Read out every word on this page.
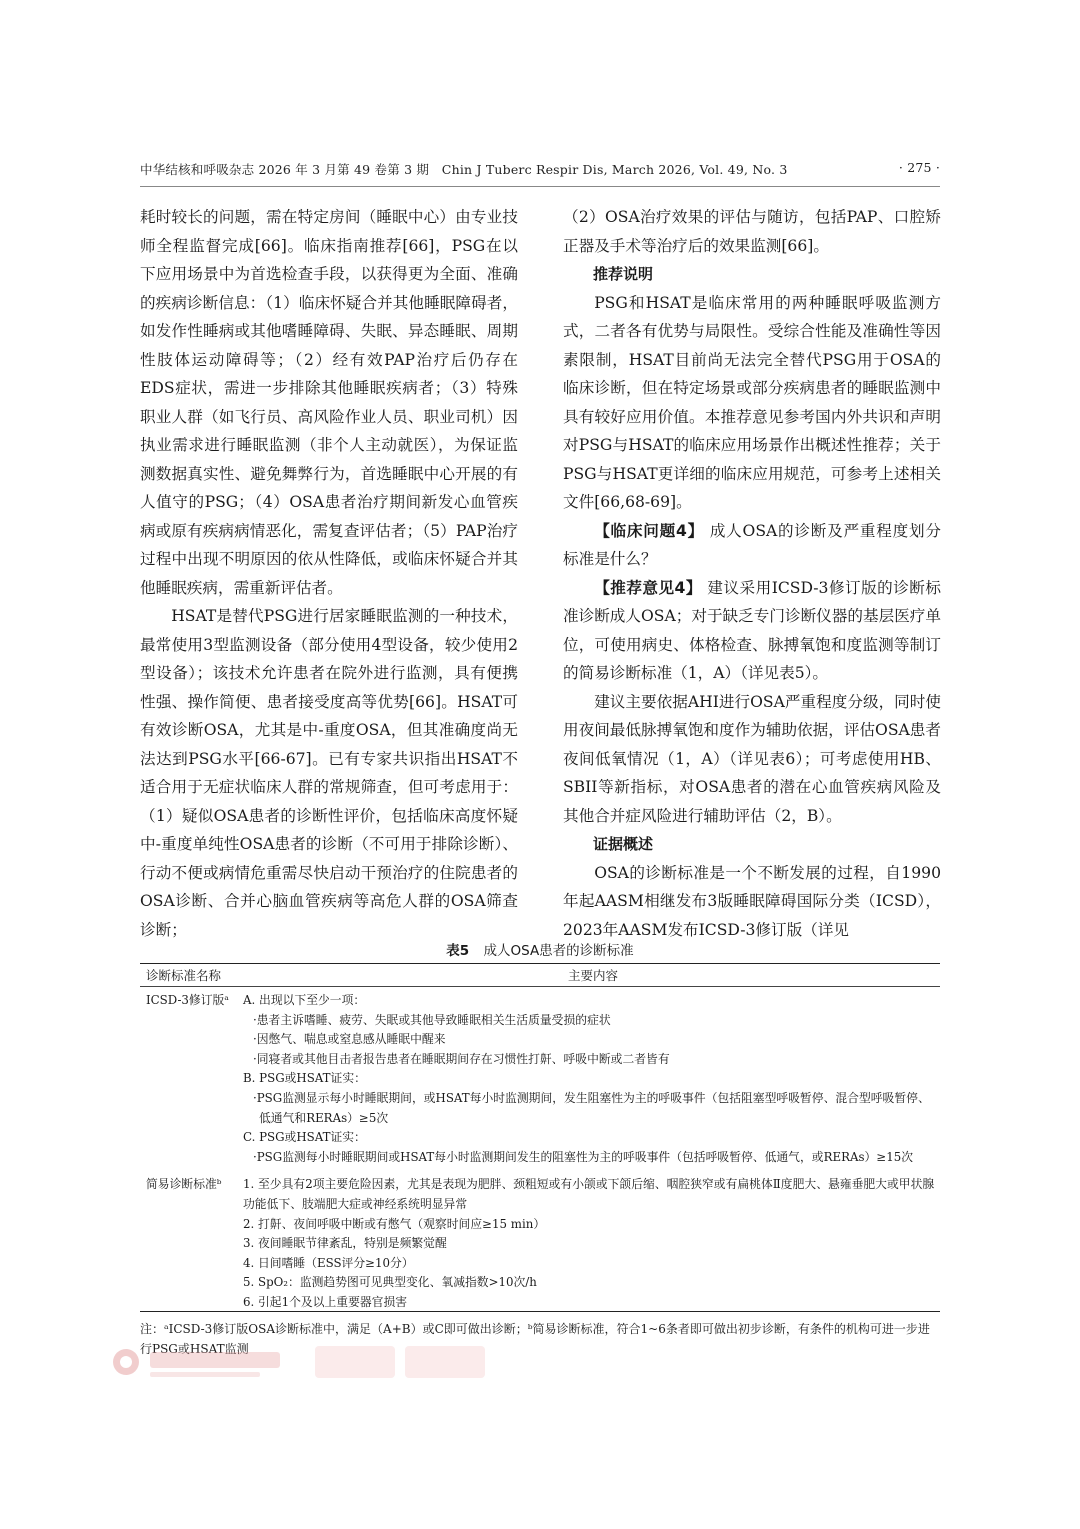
中华结核和呼吸杂志 2026 年 3 月第 49 卷第 3 期　Chin J Tuberc Respir Dis, March 2026, Vol. 49, No. 3	· 275 ·

耗时较长的问题，需在特定房间（睡眠中心）由专业技师全程监督完成[66]。临床指南推荐[66]，PSG在以下应用场景中为首选检查手段，以获得更为全面、准确的疾病诊断信息：（1）临床怀疑合并其他睡眠障碍者，如发作性睡病或其他嗜睡障碍、失眠、异态睡眠、周期性肢体运动障碍等；（2）经有效PAP治疗后仍存在EDS症状，需进一步排除其他睡眠疾病者；（3）特殊职业人群（如飞行员、高风险作业人员、职业司机）因执业需求进行睡眠监测（非个人主动就医），为保证监测数据真实性、避免舞弊行为，首选睡眠中心开展的有人值守的PSG；（4）OSA患者治疗期间新发心血管疾病或原有疾病病情恶化，需复查评估者；（5）PAP治疗过程中出现不明原因的依从性降低，或临床怀疑合并其他睡眠疾病，需重新评估者。

HSAT是替代PSG进行居家睡眠监测的一种技术，最常使用3型监测设备（部分使用4型设备，较少使用2型设备）；该技术允许患者在院外进行监测，具有便携性强、操作简便、患者接受度高等优势[66]。HSAT可有效诊断OSA，尤其是中-重度OSA，但其准确度尚无法达到PSG水平[66-67]。已有专家共识指出HSAT不适合用于无症状临床人群的常规筛查，但可考虑用于：（1）疑似OSA患者的诊断性评价，包括临床高度怀疑中-重度单纯性OSA患者的诊断（不可用于排除诊断）、行动不便或病情危重需尽快启动干预治疗的住院患者的OSA诊断、合并心脑血管疾病等高危人群的OSA筛查诊断；

（2）OSA治疗效果的评估与随访，包括PAP、口腔矫正器及手术等治疗后的效果监测[66]。

推荐说明

PSG和HSAT是临床常用的两种睡眠呼吸监测方式，二者各有优势与局限性。受综合性能及准确性等因素限制，HSAT目前尚无法完全替代PSG用于OSA的临床诊断，但在特定场景或部分疾病患者的睡眠监测中具有较好应用价值。本推荐意见参考国内外共识和声明对PSG与HSAT的临床应用场景作出概述性推荐；关于PSG与HSAT更详细的临床应用规范，可参考上述相关文件[66,68-69]。

【临床问题4】 成人OSA的诊断及严重程度划分标准是什么？

【推荐意见4】 建议采用ICSD-3修订版的诊断标准诊断成人OSA；对于缺乏专门诊断仪器的基层医疗单位，可使用病史、体格检查、脉搏氧饱和度监测等制订的简易诊断标准（1，A）（详见表5）。

建议主要依据AHI进行OSA严重程度分级，同时使用夜间最低脉搏氧饱和度作为辅助依据，评估OSA患者夜间低氧情况（1，A）（详见表6）；可考虑使用HB、SBII等新指标，对OSA患者的潜在心血管疾病风险及其他合并症风险进行辅助评估（2，B）。

证据概述

OSA的诊断标准是一个不断发展的过程，自1990年起AASM相继发布3版睡眠障碍国际分类（ICSD），2023年AASM发布ICSD-3修订版（详见

表5 成人OSA患者的诊断标准
诊断标准名称	主要内容
ICSD-3修订版ᵃ	A. 出现以下至少一项：
·患者主诉嗜睡、疲劳、失眠或其他导致睡眠相关生活质量受损的症状
·因憋气、喘息或窒息感从睡眠中醒来
·同寝者或其他目击者报告患者在睡眠期间存在习惯性打鼾、呼吸中断或二者皆有
B. PSG或HSAT证实：
·PSG监测显示每小时睡眠期间，或HSAT每小时监测期间，发生阻塞性为主的呼吸事件（包括阻塞型呼吸暂停、混合型呼吸暂停、低通气和RERAs）≥5次
C. PSG或HSAT证实：
·PSG监测每小时睡眠期间或HSAT每小时监测期间发生的阻塞性为主的呼吸事件（包括呼吸暂停、低通气，或RERAs）≥15次
简易诊断标准ᵇ	1. 至少具有2项主要危险因素，尤其是表现为肥胖、颈粗短或有小颌或下颌后缩、咽腔狭窄或有扁桃体Ⅱ度肥大、悬雍垂肥大或甲状腺功能低下、肢端肥大症或神经系统明显异常
2. 打鼾、夜间呼吸中断或有憋气（观察时间应≥15 min）
3. 夜间睡眠节律紊乱，特别是频繁觉醒
4. 日间嗜睡（ESS评分≥10分）
5. SpO₂：监测趋势图可见典型变化、氧减指数>10次/h
6. 引起1个及以上重要器官损害
注：ᵃICSD-3修订版OSA诊断标准中，满足（A+B）或C即可做出诊断；ᵇ简易诊断标准，符合1~6条者即可做出初步诊断，有条件的机构可进一步进行PSG或HSAT监测
